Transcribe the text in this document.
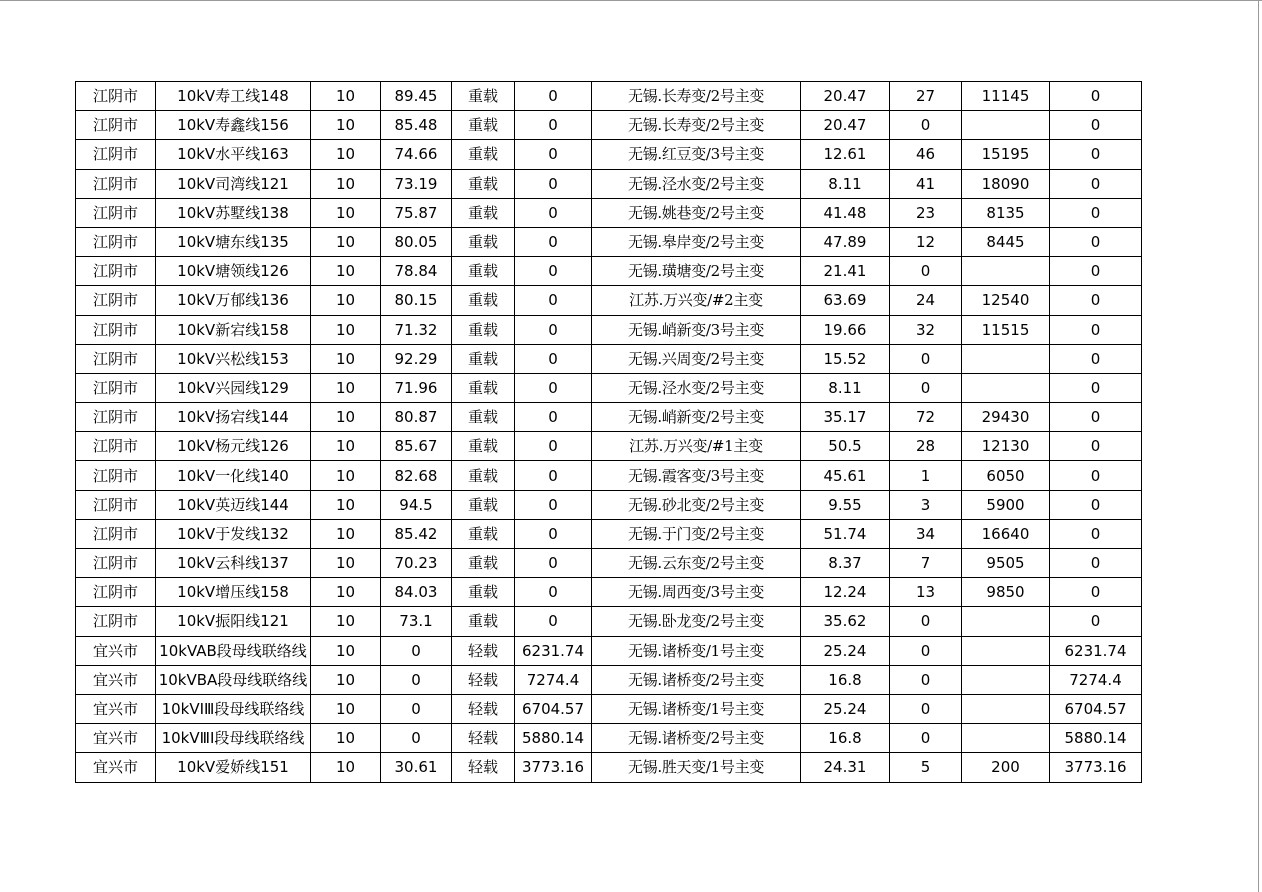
江阴市	10kV寿工线148	10	89.45	重载	0	无锡.长寿变/2号主变	20.47	27	11145	0
江阴市	10kV寿鑫线156	10	85.48	重载	0	无锡.长寿变/2号主变	20.47	0		0
江阴市	10kV水平线163	10	74.66	重载	0	无锡.红豆变/3号主变	12.61	46	15195	0
江阴市	10kV司湾线121	10	73.19	重载	0	无锡.泾水变/2号主变	8.11	41	18090	0
江阴市	10kV苏墅线138	10	75.87	重载	0	无锡.姚巷变/2号主变	41.48	23	8135	0
江阴市	10kV塘东线135	10	80.05	重载	0	无锡.皋岸变/2号主变	47.89	12	8445	0
江阴市	10kV塘领线126	10	78.84	重载	0	无锡.璜塘变/2号主变	21.41	0		0
江阴市	10kV万郁线136	10	80.15	重载	0	江苏.万兴变/#2主变	63.69	24	12540	0
江阴市	10kV新宕线158	10	71.32	重载	0	无锡.峭新变/3号主变	19.66	32	11515	0
江阴市	10kV兴松线153	10	92.29	重载	0	无锡.兴周变/2号主变	15.52	0		0
江阴市	10kV兴园线129	10	71.96	重载	0	无锡.泾水变/2号主变	8.11	0		0
江阴市	10kV扬宕线144	10	80.87	重载	0	无锡.峭新变/2号主变	35.17	72	29430	0
江阴市	10kV杨元线126	10	85.67	重载	0	江苏.万兴变/#1主变	50.5	28	12130	0
江阴市	10kV一化线140	10	82.68	重载	0	无锡.霞客变/3号主变	45.61	1	6050	0
江阴市	10kV英迈线144	10	94.5	重载	0	无锡.砂北变/2号主变	9.55	3	5900	0
江阴市	10kV于发线132	10	85.42	重载	0	无锡.于门变/2号主变	51.74	34	16640	0
江阴市	10kV云科线137	10	70.23	重载	0	无锡.云东变/2号主变	8.37	7	9505	0
江阴市	10kV增压线158	10	84.03	重载	0	无锡.周西变/3号主变	12.24	13	9850	0
江阴市	10kV振阳线121	10	73.1	重载	0	无锡.卧龙变/2号主变	35.62	0		0
宜兴市	10kVAB段母线联络线	10	0	轻载	6231.74	无锡.诸桥变/1号主变	25.24	0		6231.74
宜兴市	10kVBA段母线联络线	10	0	轻载	7274.4	无锡.诸桥变/2号主变	16.8	0		7274.4
宜兴市	10kVⅠⅢ段母线联络线	10	0	轻载	6704.57	无锡.诸桥变/1号主变	25.24	0		6704.57
宜兴市	10kVⅢⅠ段母线联络线	10	0	轻载	5880.14	无锡.诸桥变/2号主变	16.8	0		5880.14
宜兴市	10kV爱娇线151	10	30.61	轻载	3773.16	无锡.胜天变/1号主变	24.31	5	200	3773.16
